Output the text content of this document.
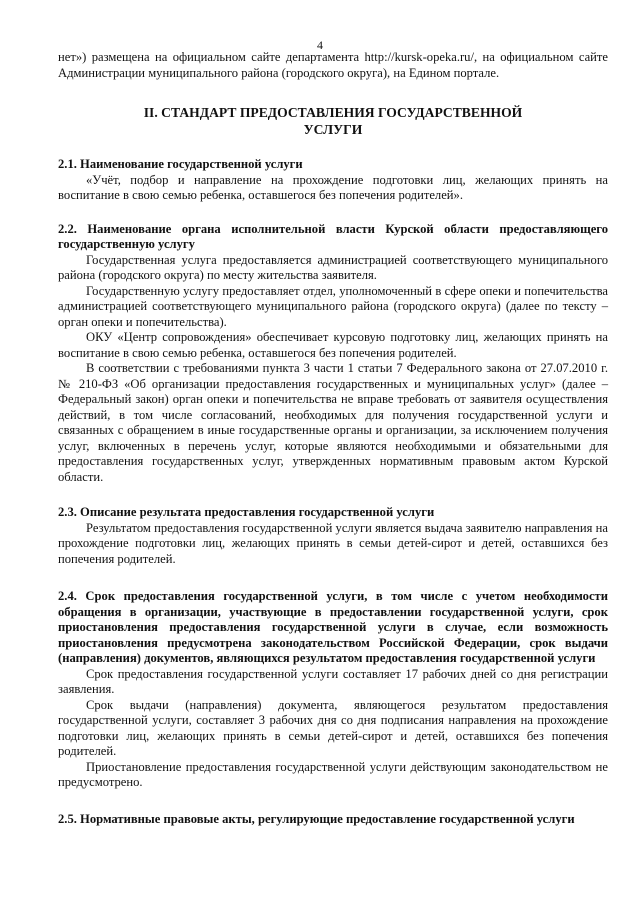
4

нет») размещена на официальном сайте департамента http://kursk-opeka.ru/, на официальном сайте Администрации муниципального района (городского округа), на Едином портале.

II. СТАНДАРТ ПРЕДОСТАВЛЕНИЯ ГОСУДАРСТВЕННОЙ
УСЛУГИ

2.1. Наименование государственной услуги

«Учёт, подбор и направление на прохождение подготовки лиц, желающих принять на воспитание в свою семью ребенка, оставшегося без попечения родителей».

2.2. Наименование органа исполнительной власти Курской области предоставляющего государственную услугу

Государственная услуга предоставляется администрацией соответствующего муниципального района (городского округа) по месту жительства заявителя.

Государственную услугу предоставляет отдел, уполномоченный в сфере опеки и попечительства администрацией соответствующего муниципального района (городского округа) (далее по тексту – орган опеки и попечительства).

ОКУ «Центр сопровождения» обеспечивает курсовую подготовку лиц, желающих принять на воспитание в свою семью ребенка, оставшегося без попечения родителей.

В соответствии с требованиями пункта 3 части 1 статьи 7 Федерального закона от 27.07.2010 г. № 210-ФЗ «Об организации предоставления государственных и муниципальных услуг» (далее – Федеральный закон) орган опеки и попечительства не вправе требовать от заявителя осуществления действий, в том числе согласований, необходимых для получения государственной услуги и связанных с обращением в иные государственные органы и организации, за исключением получения услуг, включенных в перечень услуг, которые являются необходимыми и обязательными для предоставления государственных услуг, утвержденных нормативным правовым актом Курской области.

2.3. Описание результата предоставления государственной услуги

Результатом предоставления государственной услуги является выдача заявителю направления на прохождение подготовки лиц, желающих принять в семьи детей-сирот и детей, оставшихся без попечения родителей.

2.4. Срок предоставления государственной услуги, в том числе с учетом необходимости обращения в организации, участвующие в предоставлении государственной услуги, срок приостановления предоставления государственной услуги в случае, если возможность приостановления предусмотрена законодательством Российской Федерации, срок выдачи (направления) документов, являющихся результатом предоставления государственной услуги

Срок предоставления государственной услуги составляет 17 рабочих дней со дня регистрации заявления.

Срок выдачи (направления) документа, являющегося результатом предоставления государственной услуги, составляет 3 рабочих дня со дня подписания направления на прохождение подготовки лиц, желающих принять в семьи детей-сирот и детей, оставшихся без попечения родителей.

Приостановление предоставления государственной услуги действующим законодательством не предусмотрено.

2.5. Нормативные правовые акты, регулирующие предоставление государственной услуги
